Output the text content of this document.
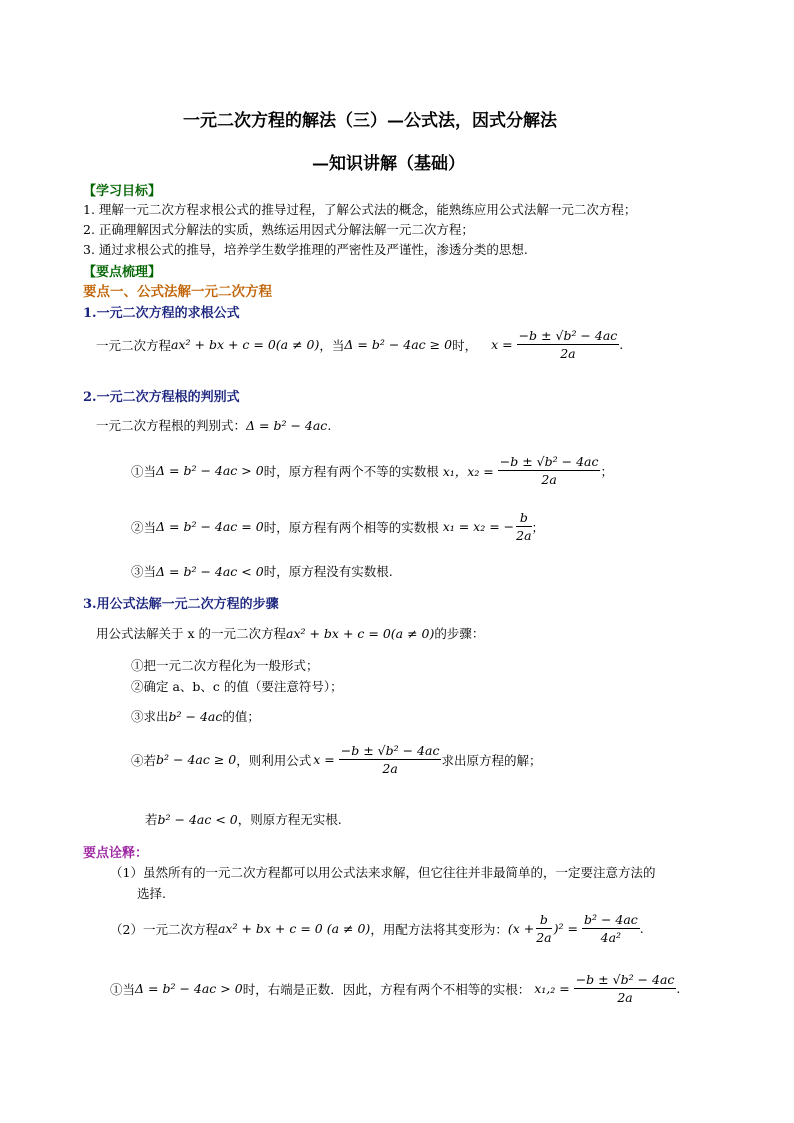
一元二次方程的解法（三）—公式法，因式分解法
—知识讲解（基础）
【学习目标】
1. 理解一元二次方程求根公式的推导过程，了解公式法的概念，能熟练应用公式法解一元二次方程；
2. 正确理解因式分解法的实质，熟练运用因式分解法解一元二次方程；
3. 通过求根公式的推导，培养学生数学推理的严密性及严谨性，渗透分类的思想.
【要点梳理】
要点一、公式法解一元二次方程
1.一元二次方程的求根公式
一元二次方程 ax² + bx + c = 0(a ≠ 0) ，当 Δ = b² − 4ac ≥ 0 时， $x = \frac{\text{−b ± √b² − 4ac}}{2a}$ .
2.一元二次方程根的判别式
一元二次方程根的判别式： Δ = b² − 4ac .
①当 Δ = b² − 4ac > 0 时，原方程有两个不等的实数根 x₁，$x_2 = \frac{\text{−b ± √b² − 4ac}}{2a}$ ；
②当 Δ = b² − 4ac = 0 时，原方程有两个相等的实数根 x₁ = x₂ = − $\frac{b}{2a}$ ；
③当 Δ = b² − 4ac < 0 时，原方程没有实数根.
3.用公式法解一元二次方程的步骤
用公式法解关于 x 的一元二次方程 ax² + bx + c = 0(a ≠ 0) 的步骤：
①把一元二次方程化为一般形式；
②确定 a、b、c 的值（要注意符号）；
③求出 b² − 4ac 的值；
④若 b² − 4ac ≥ 0 ，则利用公式 $x = \frac{\text{−b ± √b² − 4ac}}{2a}$ 求出原方程的解；
若 b² − 4ac < 0 ，则原方程无实根.
要点诠释：
（1）虽然所有的一元二次方程都可以用公式法来求解，但它往往并非最简单的，一定要注意方法的
选择.
（2）一元二次方程 ax² + bx + c = 0 (a ≠ 0) ，用配方法将其变形为： $(x + \frac{b}{2a} )^2 = \frac{\text{b² − 4ac}}{\text{4a²}}$ .
①当 Δ = b² − 4ac > 0 时，右端是正数．因此，方程有两个不相等的实根： $x_1,_2 = \frac{\text{−b ± √b² − 4ac}}{2a}$ .
